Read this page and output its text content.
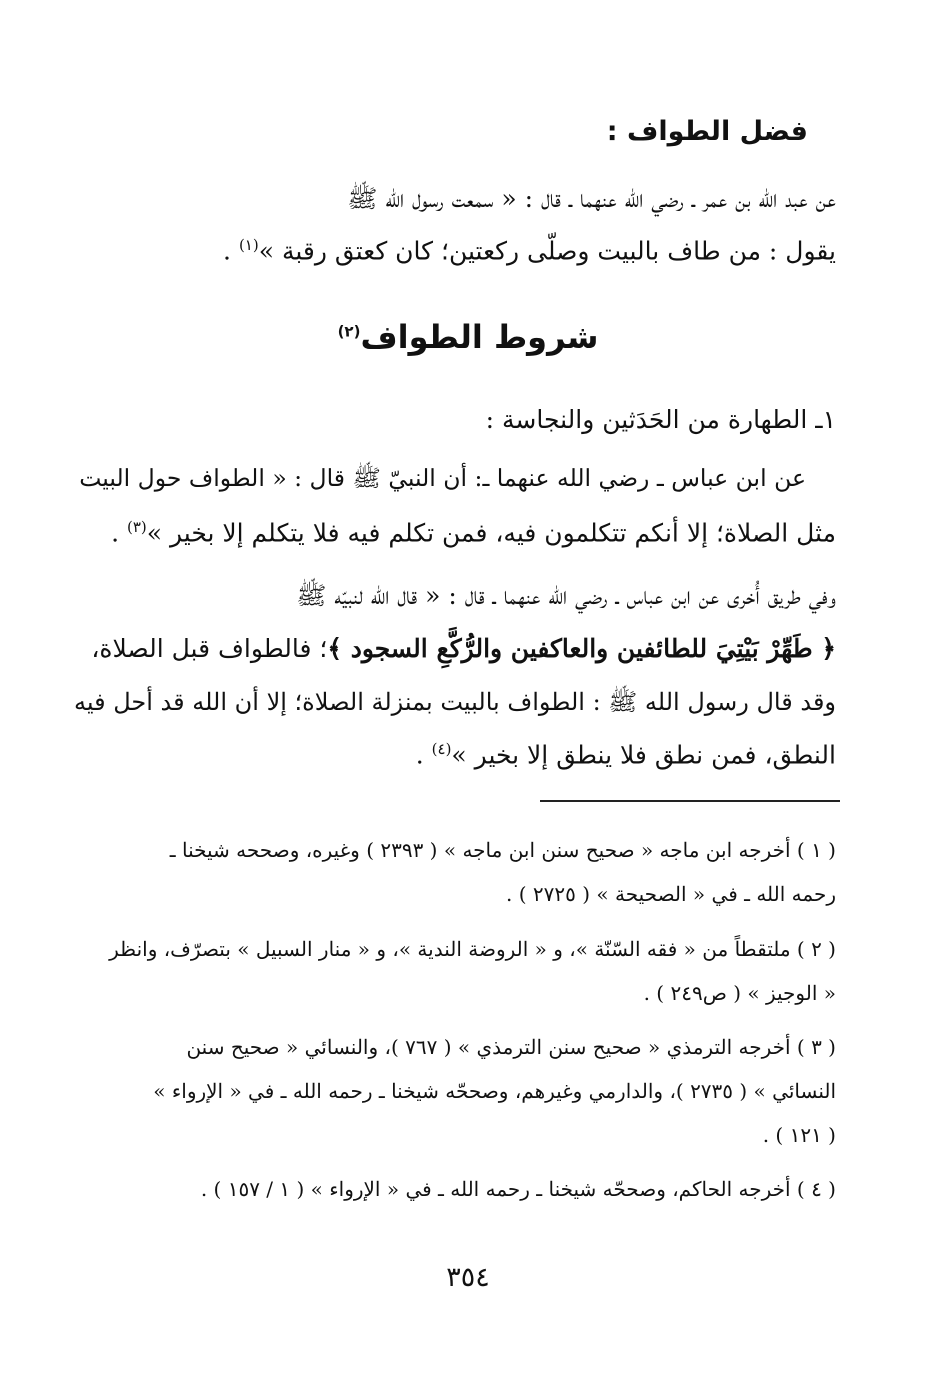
فضل الطواف :
عن عبد الله بن عمر ـ رضي الله عنهما ـ قال : « سمعت رسول الله ﷺ
يقول : من طاف بالبيت وصلّى ركعتين؛ كان كعتق رقبة »$^{(١)}$ .
شروط الطواف$^{(٢)}$
١ـ الطهارة من الحَدَثين والنجاسة :
عن ابن عباس ـ رضي الله عنهما ـ: أن النبيّ ﷺ قال : « الطواف حول البيت
مثل الصلاة؛ إلا أنكم تتكلمون فيه، فمن تكلم فيه فلا يتكلم إلا بخير »$^{(٣)}$ .
وفي طريق أُخرى عن ابن عباس ـ رضي الله عنهما ـ قال : « قال الله لنبيّه ﷺ
﴿ طَهِّرْ بَيْتِيَ للطائفين والعاكفين والرُّكَّعِ السجود ﴾؛ فالطواف قبل الصلاة،
وقد قال رسول الله ﷺ : الطواف بالبيت بمنزلة الصلاة؛ إلا أن الله قد أحل فيه
النطق، فمن نطق فلا ينطق إلا بخير »$^{(٤)}$ .
( ١ ) أخرجه ابن ماجه « صحيح سنن ابن ماجه » ( ٢٣٩٣ ) وغيره، وصححه شيخنا ـ
رحمه الله ـ في « الصحيحة » ( ٢٧٢٥ ) .
( ٢ ) ملتقطاً من « فقه السّنّة »، و « الروضة الندية »، و « منار السبيل » بتصرّف، وانظر
« الوجيز » ( ص٢٤٩ ) .
( ٣ ) أخرجه الترمذي « صحيح سنن الترمذي » ( ٧٦٧ )، والنسائي « صحيح سنن
النسائي » ( ٢٧٣٥ )، والدارمي وغيرهم، وصححّه شيخنا ـ رحمه الله ـ في « الإرواء »
( ١٢١ ) .
( ٤ ) أخرجه الحاكم، وصححّه شيخنا ـ رحمه الله ـ في « الإرواء » ( ١ / ١٥٧ ) .
٣٥٤
